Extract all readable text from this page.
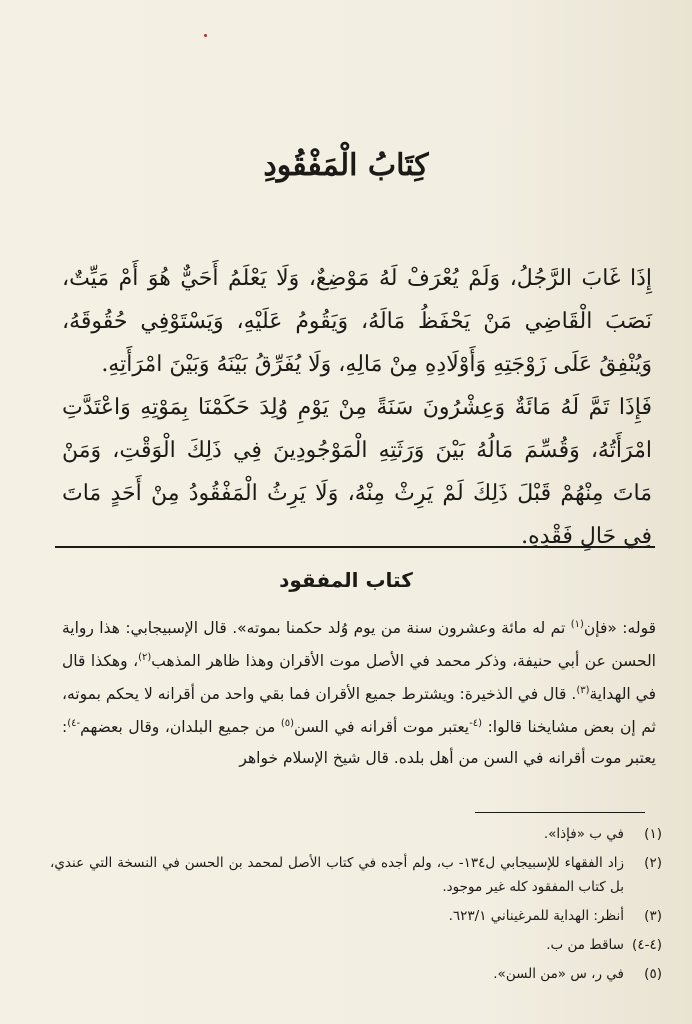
كِتَابُ الْمَفْقُودِ
إِذَا غَابَ الرَّجُلُ، وَلَمْ يُعْرَفْ لَهُ مَوْضِعٌ، وَلَا يَعْلَمُ أَحَيٌّ هُوَ أَمْ مَيِّتٌ، نَصَبَ الْقَاضِي مَنْ يَحْفَظُ مَالَهُ، وَيَقُومُ عَلَيْهِ، وَيَسْتَوْفِي حُقُوقَهُ، وَيُنْفِقُ عَلَى زَوْجَتِهِ وَأَوْلَادِهِ مِنْ مَالِهِ، وَلَا يُفَرِّقُ بَيْنَهُ وَبَيْنَ امْرَأَتِهِ.
فَإِذَا تَمَّ لَهُ مَائَةٌ وَعِشْرُونَ سَنَةً مِنْ يَوْمِ وُلِدَ حَكَمْنَا بِمَوْتِهِ وَاعْتَدَّتِ امْرَأَتُهُ، وَقُسِّمَ مَالُهُ بَيْنَ وَرَثَتِهِ الْمَوْجُودِينَ فِي ذَلِكَ الْوَقْتِ، وَمَنْ مَاتَ مِنْهُمْ قَبْلَ ذَلِكَ لَمْ يَرِثْ مِنْهُ، وَلَا يَرِثُ الْمَفْقُودُ مِنْ أَحَدٍ مَاتَ فِي حَالِ فَقْدِهِ.
كتاب المفقود
قوله: «فإن$^{(١)}$ تم له مائة وعشرون سنة من يوم وُلد حكمنا بموته». قال الإسبيجابي: هذا رواية الحسن عن أبي حنيفة، وذكر محمد في الأصل موت الأقران وهذا ظاهر المذهب$^{(٢)}$، وهكذا قال في الهداية$^{(٣)}$. قال في الذخيرة: ويشترط جميع الأقران فما بقي واحد من أقرانه لا يحكم بموته، ثم إن بعض مشايخنا قالوا: $^{(٤-}$يعتبر موت أقرانه في السن$^{(٥)}$ من جميع البلدان، وقال بعضهم$^{-٤)}$: يعتبر موت أقرانه في السن من أهل بلده. قال شيخ الإسلام خواهر
(١)
في ب «فإذا».
(٢)
زاد الفقهاء للإسبيجابي ل١٣٤- ب، ولم أجده في كتاب الأصل لمحمد بن الحسن في النسخة التي عندي، بل كتاب المفقود كله غير موجود.
(٣)
أنظر: الهداية للمرغيناني ٦٢٣/١.
(٤-٤)
ساقط من ب.
(٥)
في ر، س «من السن».
